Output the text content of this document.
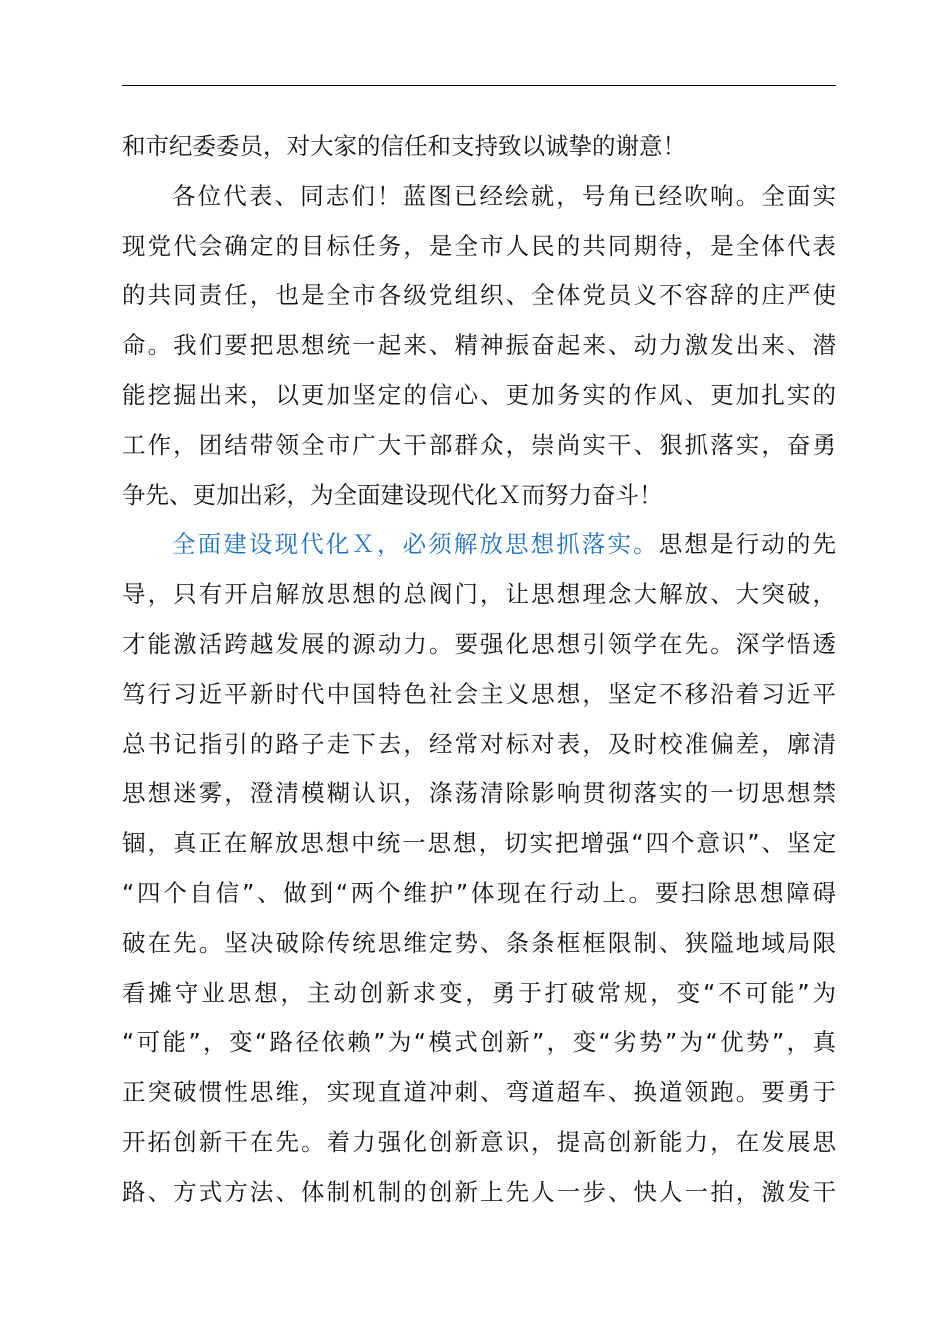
和市纪委委员，对大家的信任和支持致以诚挚的谢意！
各位代表、同志们！蓝图已经绘就，号角已经吹响。全面实
现党代会确定的目标任务，是全市人民的共同期待，是全体代表
的共同责任，也是全市各级党组织、全体党员义不容辞的庄严使
命。我们要把思想统一起来、精神振奋起来、动力激发出来、潜
能挖掘出来，以更加坚定的信心、更加务实的作风、更加扎实的
工作，团结带领全市广大干部群众，崇尚实干、狠抓落实，奋勇
争先、更加出彩，为全面建设现代化Ｘ而努力奋斗！
全面建设现代化Ｘ，必须解放思想抓落实。思想是行动的先
导，只有开启解放思想的总阀门，让思想理念大解放、大突破，
才能激活跨越发展的源动力。要强化思想引领学在先。深学悟透
笃行习近平新时代中国特色社会主义思想，坚定不移沿着习近平
总书记指引的路子走下去，经常对标对表，及时校准偏差，廓清
思想迷雾，澄清模糊认识，涤荡清除影响贯彻落实的一切思想禁
锢，真正在解放思想中统一思想，切实把增强“四个意识”、坚定
“四个自信”、做到“两个维护”体现在行动上。要扫除思想障碍
破在先。坚决破除传统思维定势、条条框框限制、狭隘地域局限
看摊守业思想，主动创新求变，勇于打破常规，变“不可能”为
“可能”，变“路径依赖”为“模式创新”，变“劣势”为“优势”，真
正突破惯性思维，实现直道冲刺、弯道超车、换道领跑。要勇于
开拓创新干在先。着力强化创新意识，提高创新能力，在发展思
路、方式方法、体制机制的创新上先人一步、快人一拍，激发干
